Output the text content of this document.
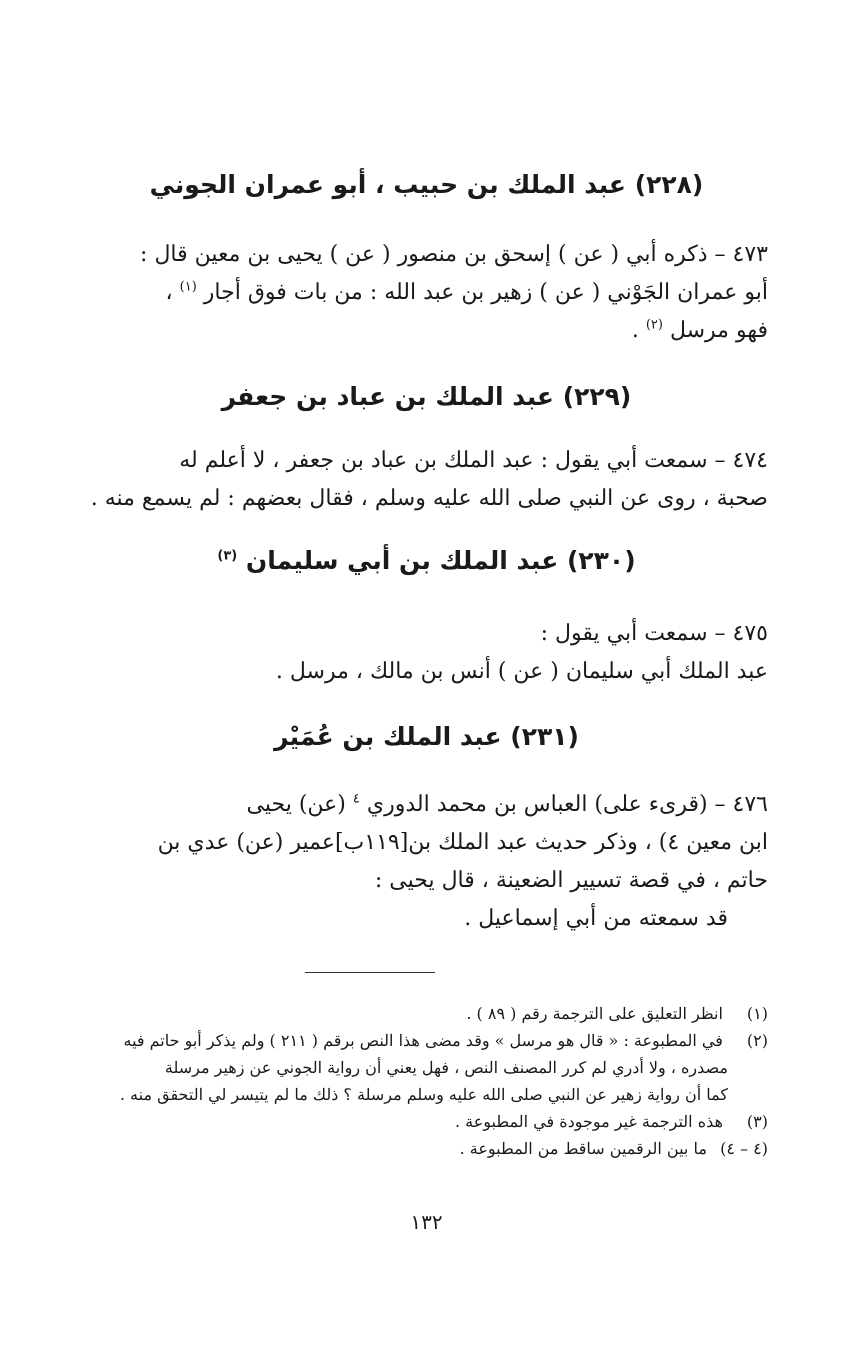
(٢٢٨) عبد الملك بن حبيب ، أبو عمران الجوني
٤٧٣ – ذكره أبي ( عن ) إسحق بن منصور ( عن ) يحيى بن معين قال :
أبو عمران الجَوْني ( عن ) زهير بن عبد الله : من بات فوق أجار $^{(١)}$ ،
فهو مرسل $^{(٢)}$ .
(٢٢٩) عبد الملك بن عباد بن جعفر
٤٧٤ – سمعت أبي يقول : عبد الملك بن عباد بن جعفر ، لا أعلم له
صحبة ، روى عن النبي صلى الله عليه وسلم ، فقال بعضهم : لم يسمع منه .
(٢٣٠) عبد الملك بن أبي سليمان $^{(٣)}$
٤٧٥ – سمعت أبي يقول :
عبد الملك أبي سليمان ( عن ) أنس بن مالك ، مرسل .
(٢٣١) عبد الملك بن عُمَيْر
٤٧٦ – (قرىء على) العباس بن محمد الدوري $^٤$ (عن) يحيى
ابن معين ٤) ، وذكر حديث عبد الملك بن[١١٩ب]عمير (عن) عدي بن
حاتم ، في قصة تسيير الضعينة ، قال يحيى :
قد سمعته من أبي إسماعيل .
(١) انظر التعليق على الترجمة رقم ( ٨٩ ) .
(٢) في المطبوعة : « قال هو مرسل » وقد مضى هذا النص برقم ( ٢١١ ) ولم يذكر أبو حاتم فيه
مصدره ، ولا أدري لم كرر المصنف النص ، فهل يعني أن رواية الجوني عن زهير مرسلة
كما أن رواية زهير عن النبي صلى الله عليه وسلم مرسلة ؟ ذلك ما لم يتيسر لي التحقق منه .
(٣) هذه الترجمة غير موجودة في المطبوعة .
(٤ – ٤) ما بين الرقمين ساقط من المطبوعة .
١٣٢
